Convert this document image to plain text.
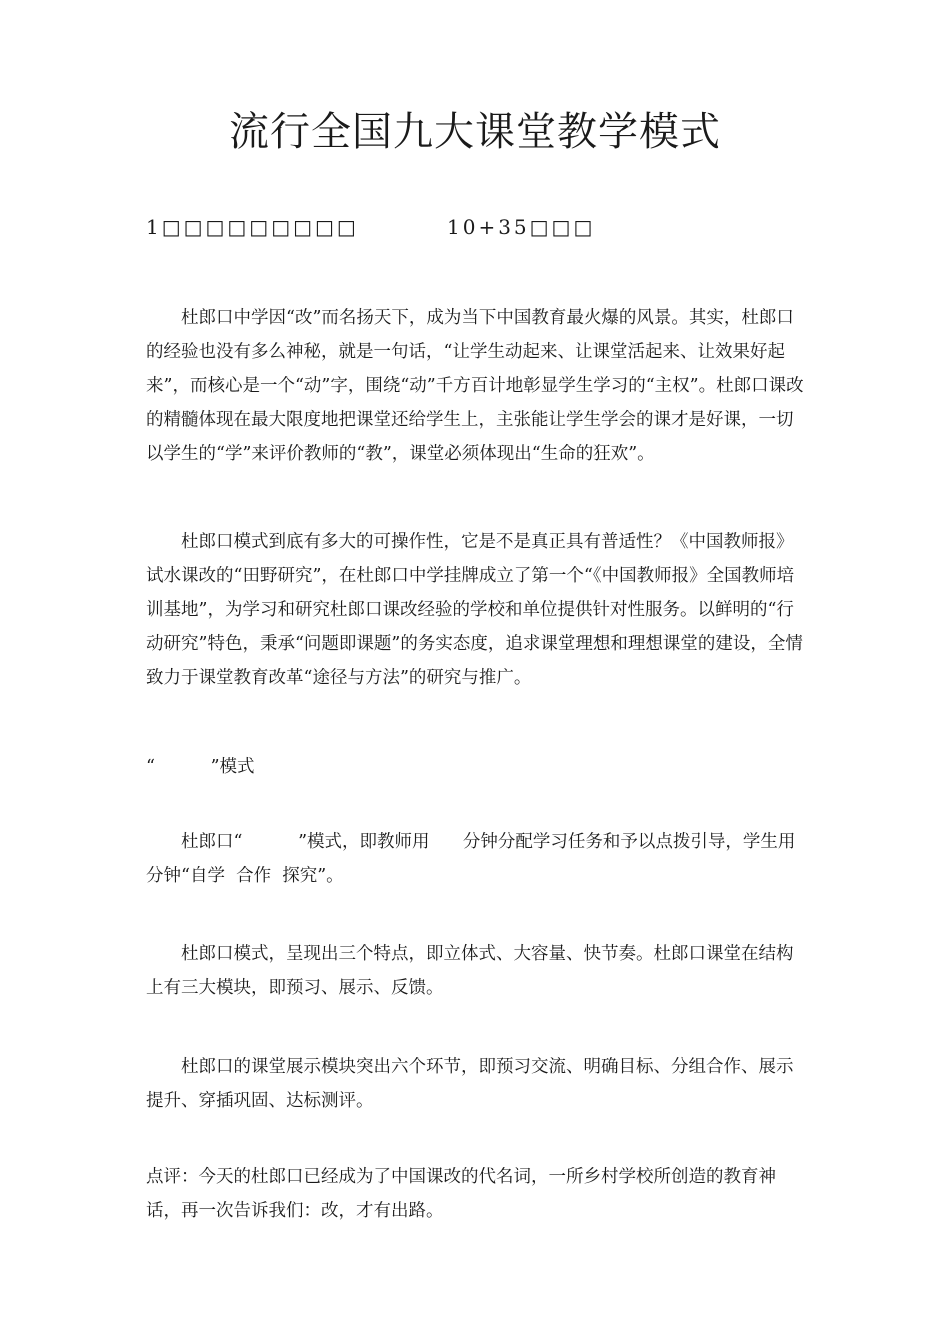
流行全国九大课堂教学模式
1□□□□□□□□□	10+35□□□

杜郎口中学因“改”而名扬天下，成为当下中国教育最火爆的风景。其实，杜郎口的经验也没有多么神秘，就是一句话，“让学生动起来、让课堂活起来、让效果好起来”，而核心是一个“动”字，围绕“动”千方百计地彰显学生学习的“主权”。杜郎口课改的精髓体现在最大限度地把课堂还给学生上，主张能让学生学会的课才是好课，一切以学生的“学”来评价教师的“教”，课堂必须体现出“生命的狂欢”。

杜郎口模式到底有多大的可操作性，它是不是真正具有普适性？《中国教师报》试水课改的“田野研究”，在杜郎口中学挂牌成立了第一个“《中国教师报》全国教师培训基地”，为学习和研究杜郎口课改经验的学校和单位提供针对性服务。以鲜明的“行动研究”特色，秉承“问题即课题”的务实态度，追求课堂理想和理想课堂的建设，全情致力于课堂教育改革“途径与方法”的研究与推广。

“          ”模式

杜郎口“          ”模式，即教师用      分钟分配学习任务和予以点拨引导，学生用      分钟“自学  合作  探究”。

杜郎口模式，呈现出三个特点，即立体式、大容量、快节奏。杜郎口课堂在结构上有三大模块，即预习、展示、反馈。

杜郎口的课堂展示模块突出六个环节，即预习交流、明确目标、分组合作、展示提升、穿插巩固、达标测评。

点评：今天的杜郎口已经成为了中国课改的代名词，一所乡村学校所创造的教育神话，再一次告诉我们：改，才有出路。
